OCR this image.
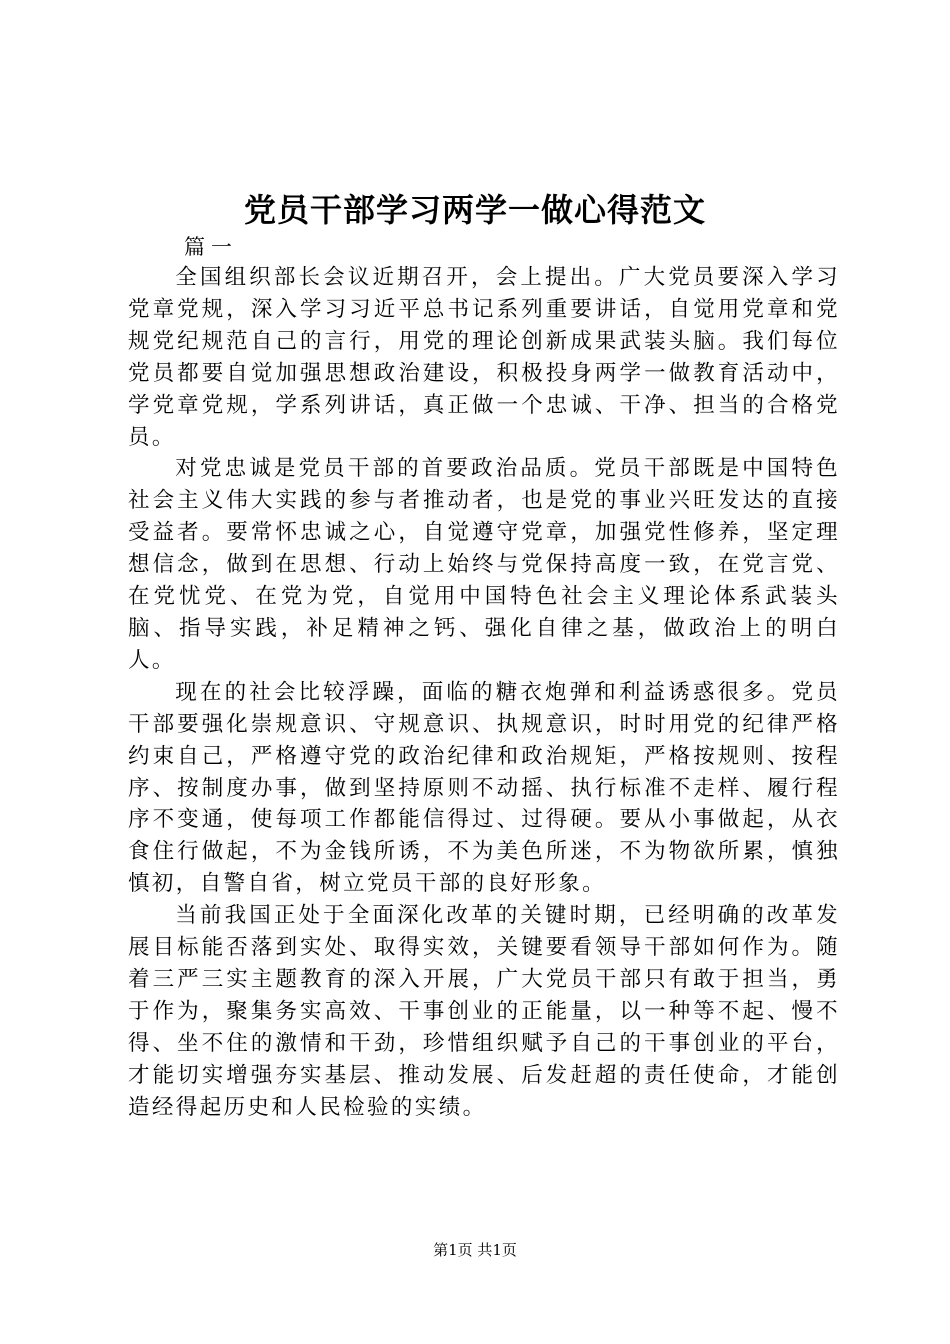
党员干部学习两学一做心得范文
篇一

全国组织部长会议近期召开，会上提出。广大党员要深入学习党章党规，深入学习习近平总书记系列重要讲话，自觉用党章和党规党纪规范自己的言行，用党的理论创新成果武装头脑。我们每位党员都要自觉加强思想政治建设，积极投身两学一做教育活动中，学党章党规，学系列讲话，真正做一个忠诚、干净、担当的合格党员。

对党忠诚是党员干部的首要政治品质。党员干部既是中国特色社会主义伟大实践的参与者推动者，也是党的事业兴旺发达的直接受益者。要常怀忠诚之心，自觉遵守党章，加强党性修养，坚定理想信念，做到在思想、行动上始终与党保持高度一致，在党言党、在党忧党、在党为党，自觉用中国特色社会主义理论体系武装头脑、指导实践，补足精神之钙、强化自律之基，做政治上的明白人。

现在的社会比较浮躁，面临的糖衣炮弹和利益诱惑很多。党员干部要强化崇规意识、守规意识、执规意识，时时用党的纪律严格约束自己，严格遵守党的政治纪律和政治规矩，严格按规则、按程序、按制度办事，做到坚持原则不动摇、执行标准不走样、履行程序不变通，使每项工作都能信得过、过得硬。要从小事做起，从衣食住行做起，不为金钱所诱，不为美色所迷，不为物欲所累，慎独慎初，自警自省，树立党员干部的良好形象。

当前我国正处于全面深化改革的关键时期，已经明确的改革发展目标能否落到实处、取得实效，关键要看领导干部如何作为。随着三严三实主题教育的深入开展，广大党员干部只有敢于担当，勇于作为，聚集务实高效、干事创业的正能量，以一种等不起、慢不得、坐不住的激情和干劲，珍惜组织赋予自己的干事创业的平台，才能切实增强夯实基层、推动发展、后发赶超的责任使命，才能创造经得起历史和人民检验的实绩。

第1页 共1页
